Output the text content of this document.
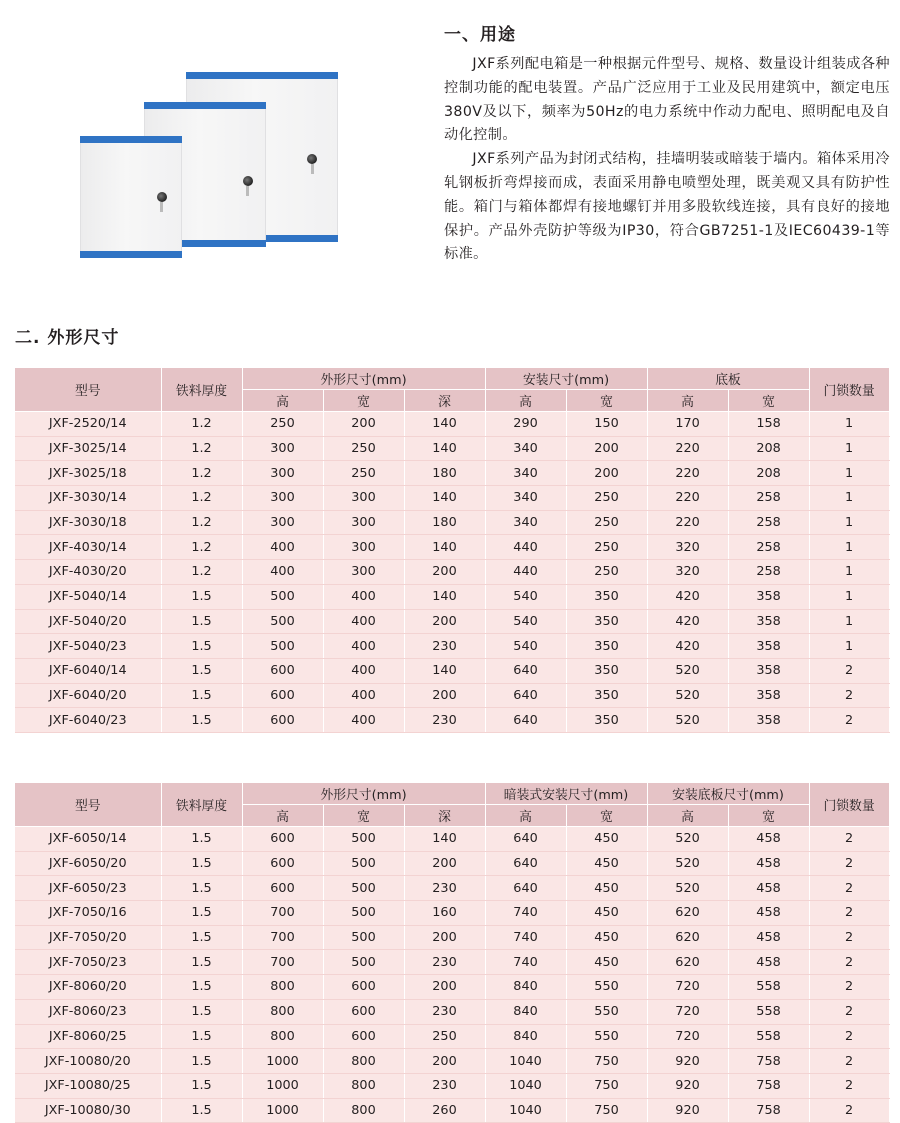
一、用途

JXF系列配电箱是一种根据元件型号、规格、数量设计组装成各种控制功能的配电装置。产品广泛应用于工业及民用建筑中，额定电压380V及以下，频率为50Hz的电力系统中作动力配电、照明配电及自动化控制。

JXF系列产品为封闭式结构，挂墙明装或暗装于墙内。箱体采用冷轧钢板折弯焊接而成，表面采用静电喷塑处理，既美观又具有防护性能。箱门与箱体都焊有接地螺钉并用多股软线连接，具有良好的接地保护。产品外壳防护等级为IP30，符合GB7251-1及IEC60439-1等标准。

二. 外形尺寸
型号	铁料厚度	外形尺寸(mm)			安装尺寸(mm)		底板		门锁数量
		高	宽	深	高	宽	高	宽	
JXF-2520/14	1.2	250	200	140	290	150	170	158	1
JXF-3025/14	1.2	300	250	140	340	200	220	208	1
JXF-3025/18	1.2	300	250	180	340	200	220	208	1
JXF-3030/14	1.2	300	300	140	340	250	220	258	1
JXF-3030/18	1.2	300	300	180	340	250	220	258	1
JXF-4030/14	1.2	400	300	140	440	250	320	258	1
JXF-4030/20	1.2	400	300	200	440	250	320	258	1
JXF-5040/14	1.5	500	400	140	540	350	420	358	1
JXF-5040/20	1.5	500	400	200	540	350	420	358	1
JXF-5040/23	1.5	500	400	230	540	350	420	358	1
JXF-6040/14	1.5	600	400	140	640	350	520	358	2
JXF-6040/20	1.5	600	400	200	640	350	520	358	2
JXF-6040/23	1.5	600	400	230	640	350	520	358	2
型号	铁料厚度	外形尺寸(mm)			暗装式安装尺寸(mm)		安装底板尺寸(mm)		门锁数量
		高	宽	深	高	宽	高	宽	
JXF-6050/14	1.5	600	500	140	640	450	520	458	2
JXF-6050/20	1.5	600	500	200	640	450	520	458	2
JXF-6050/23	1.5	600	500	230	640	450	520	458	2
JXF-7050/16	1.5	700	500	160	740	450	620	458	2
JXF-7050/20	1.5	700	500	200	740	450	620	458	2
JXF-7050/23	1.5	700	500	230	740	450	620	458	2
JXF-8060/20	1.5	800	600	200	840	550	720	558	2
JXF-8060/23	1.5	800	600	230	840	550	720	558	2
JXF-8060/25	1.5	800	600	250	840	550	720	558	2
JXF-10080/20	1.5	1000	800	200	1040	750	920	758	2
JXF-10080/25	1.5	1000	800	230	1040	750	920	758	2
JXF-10080/30	1.5	1000	800	260	1040	750	920	758	2
